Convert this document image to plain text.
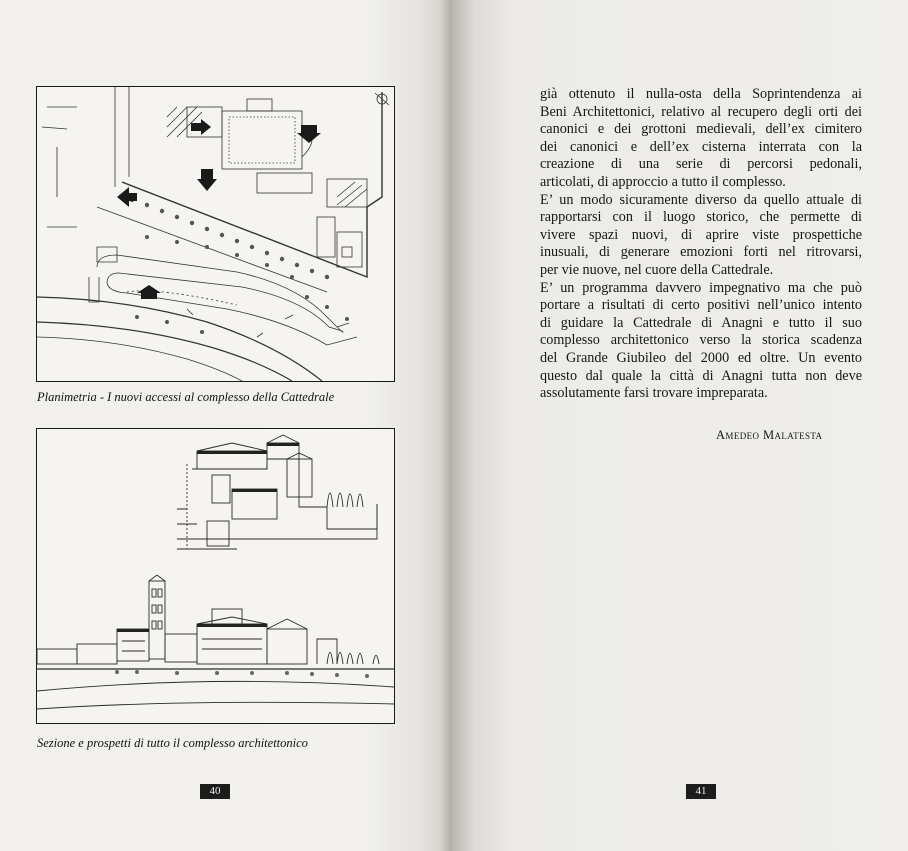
Planimetria - I nuovi accessi al complesso della Cattedrale
Sezione e prospetti di tutto il complesso architettonico
40	41

già ottenuto il nulla-osta della Soprintendenza ai
Beni Architettonici, relativo al recupero degli orti dei
canonici e dei grottoni medievali, dell’ex cimitero
dei canonici e dell’ex cisterna interrata con la
creazione di una serie di percorsi pedonali,
articolati, di approccio a tutto il complesso.

E’ un modo sicuramente diverso da quello attuale di
rapportarsi con il luogo storico, che permette di
vivere spazi nuovi, di aprire viste prospettiche
inusuali, di generare emozioni forti nel ritrovarsi,
per vie nuove, nel cuore della Cattedrale.

E’ un programma davvero impegnativo ma che può
portare a risultati di certo positivi nell’unico intento
di guidare la Cattedrale di Anagni e tutto il suo
complesso architettonico verso la storica scadenza
del Grande Giubileo del 2000 ed oltre. Un evento
questo dal quale la città di Anagni tutta non deve
assolutamente farsi trovare impreparata.

Amedeo Malatesta
